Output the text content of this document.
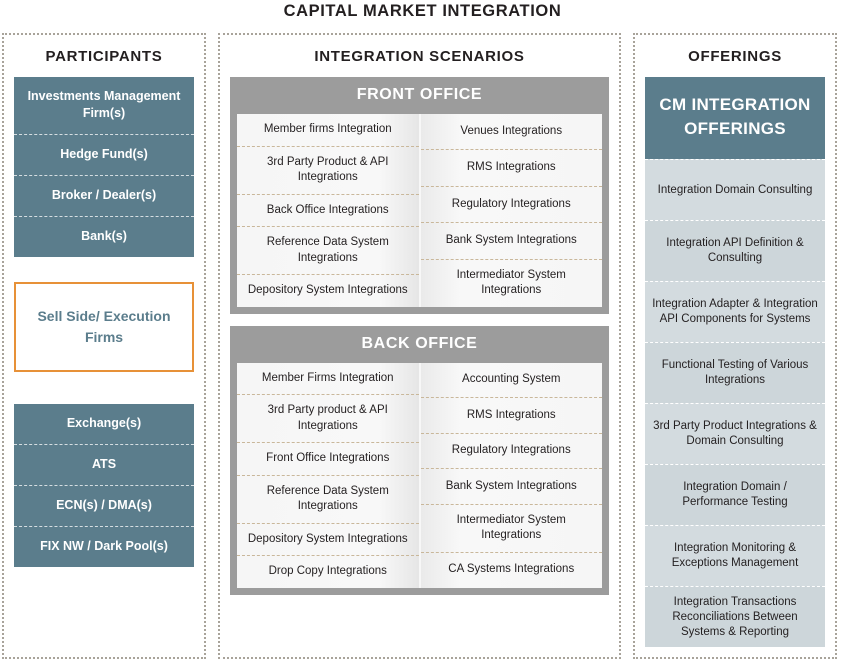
CAPITAL MARKET INTEGRATION
PARTICIPANTS
Investments Management Firm(s)
Hedge Fund(s)
Broker / Dealer(s)
Bank(s)
Sell Side/ Execution Firms
Exchange(s)
ATS
ECN(s) / DMA(s)
FIX NW / Dark Pool(s)
INTEGRATION SCENARIOS
FRONT OFFICE
Member firms Integration
3rd Party Product & API Integrations
Back Office Integrations
Reference Data System Integrations
Depository System Integrations
Venues Integrations
RMS Integrations
Regulatory Integrations
Bank System Integrations
Intermediator System Integrations
BACK OFFICE
Member Firms Integration
3rd Party product & API Integrations
Front Office Integrations
Reference Data System Integrations
Depository System Integrations
Drop Copy Integrations
Accounting System
RMS Integrations
Regulatory Integrations
Bank System Integrations
Intermediator System Integrations
CA Systems Integrations
OFFERINGS
CM INTEGRATION OFFERINGS
Integration Domain Consulting
Integration API Definition & Consulting
Integration Adapter & Integration API Components for Systems
Functional Testing of Various Integrations
3rd Party Product Integrations & Domain Consulting
Integration Domain / Performance Testing
Integration Monitoring & Exceptions Management
Integration Transactions Reconciliations Between Systems & Reporting
